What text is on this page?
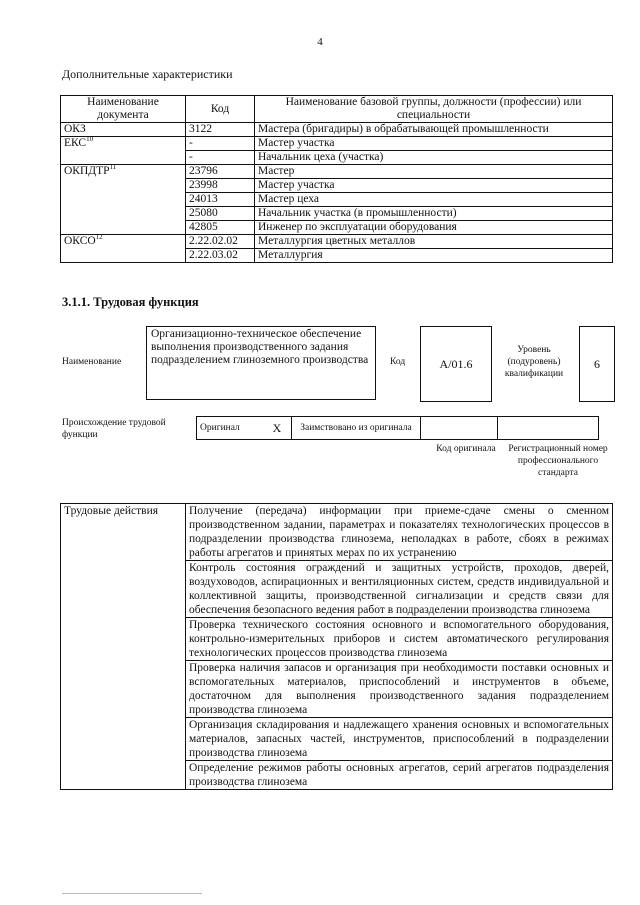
4
Дополнительные характеристики
Наименование документа	Код	Наименование базовой группы, должности (профессии) или специальности
ОКЗ	3122	Мастера (бригадиры) в обрабатывающей промышленности
ЕКС$^{10}$	-	Мастер участка
	-	Начальник цеха (участка)
ОКПДТР$^{11}$	23796	Мастер
	23998	Мастер участка
	24013	Мастер цеха
	25080	Начальник участка (в промышленности)
	42805	Инженер по эксплуатации оборудования
ОКСО$^{12}$	2.22.02.02	Металлургия цветных металлов
	2.22.03.02	Металлургия
3.1.1. Трудовая функция
Наименование
Организационно-техническое обеспечение выполнения производственного задания подразделением глиноземного производства	Код	A/01.6
Уровень (подуровень) квалификации
6
Происхождение трудовой функции
Оригинал	X	Заимствовано из оригинала		
Код оригинала Регистрационный номер профессионального стандарта
Трудовые действия	Получение (передача) информации при приеме-сдаче смены о сменном производственном задании, параметрах и показателях технологических процессов в подразделении производства глинозема, неполадках в работе, сбоях в режимах работы агрегатов и принятых мерах по их устранению
Контроль состояния ограждений и защитных устройств, проходов, дверей, воздуховодов, аспирационных и вентиляционных систем, средств индивидуальной и коллективной защиты, производственной сигнализации и средств связи для обеспечения безопасного ведения работ в подразделении производства глинозема
Проверка технического состояния основного и вспомогательного оборудования, контрольно-измерительных приборов и систем автоматического регулирования технологических процессов производства глинозема
Проверка наличия запасов и организация при необходимости поставки основных и вспомогательных материалов, приспособлений и инструментов в объеме, достаточном для выполнения производственного задания подразделением производства глинозема
Организация складирования и надлежащего хранения основных и вспомогательных материалов, запасных частей, инструментов, приспособлений в подразделении производства глинозема
Определение режимов работы основных агрегатов, серий агрегатов подразделения производства глинозема
